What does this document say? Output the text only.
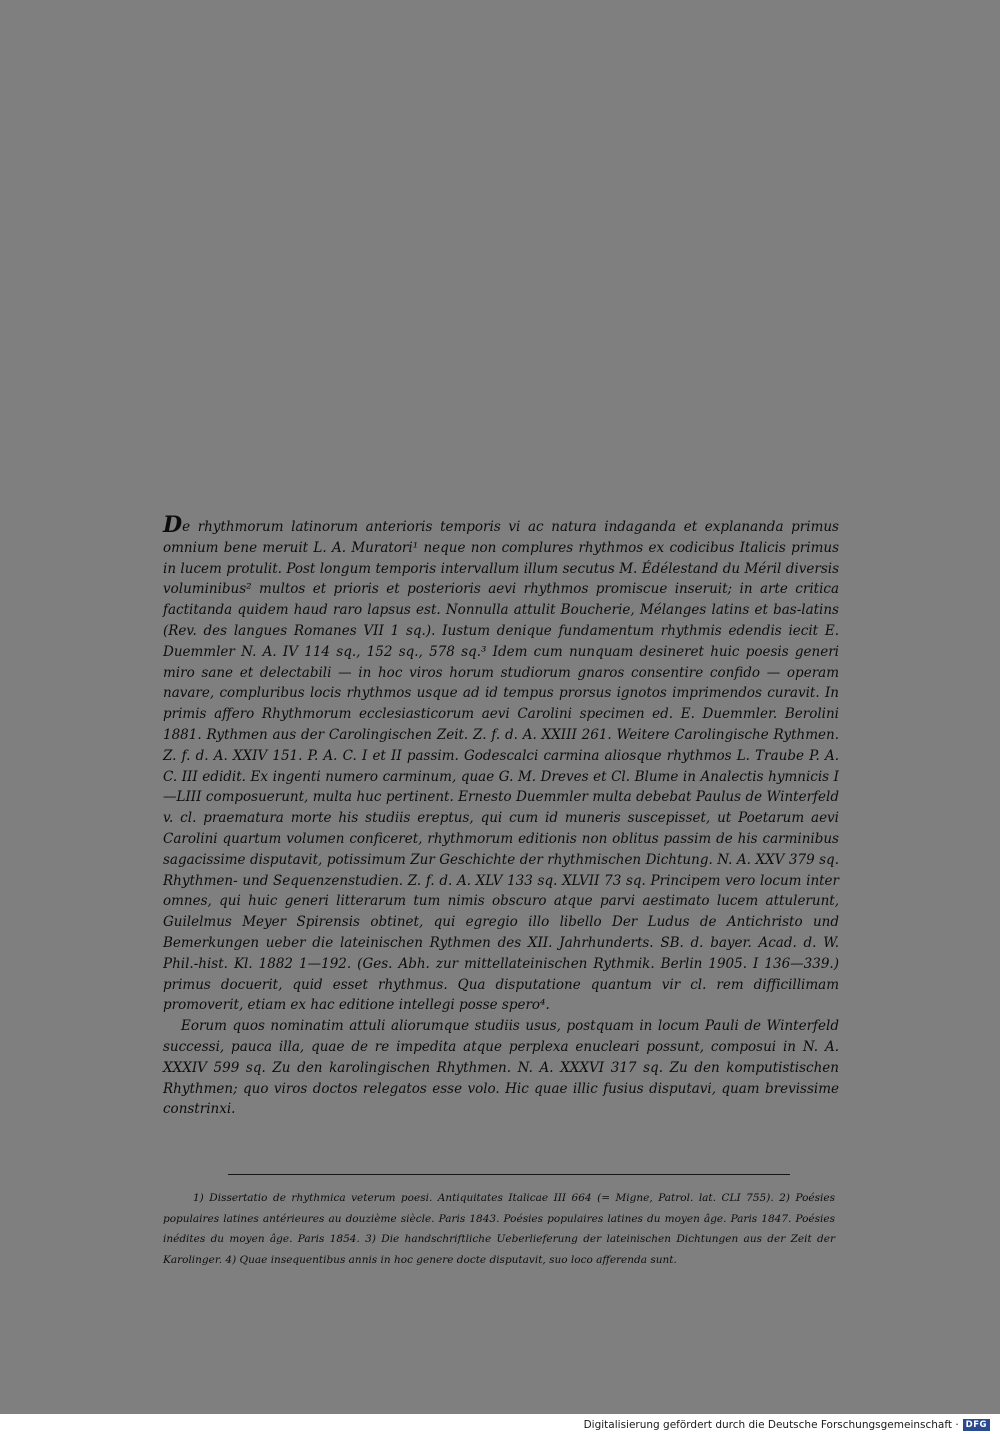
De rhythmorum latinorum anterioris temporis vi ac natura indaganda et explananda primus omnium bene meruit L. A. Muratori¹ neque non complures rhythmos ex codicibus Italicis primus in lucem protulit. Post longum temporis intervallum illum secutus M. Édélestand du Méril diversis voluminibus² multos et prioris et posterioris aevi rhythmos promiscue inseruit; in arte critica factitanda quidem haud raro lapsus est. Nonnulla attulit Boucherie, Mélanges latins et bas-latins (Rev. des langues Romanes VII 1 sq.). Iustum denique fundamentum rhythmis edendis iecit E. Duemmler N. A. IV 114 sq., 152 sq., 578 sq.³ Idem cum nunquam desineret huic poesis generi miro sane et delectabili — in hoc viros horum studiorum gnaros consentire confido — operam navare, compluribus locis rhythmos usque ad id tempus prorsus ignotos imprimendos curavit. In primis affero Rhythmorum ecclesiasticorum aevi Carolini specimen ed. E. Duemmler. Berolini 1881. Rythmen aus der Carolingischen Zeit. Z. f. d. A. XXIII 261. Weitere Carolingische Rythmen. Z. f. d. A. XXIV 151. P. A. C. I et II passim. Godescalci carmina aliosque rhythmos L. Traube P. A. C. III edidit. Ex ingenti numero carminum, quae G. M. Dreves et Cl. Blume in Analectis hymnicis I—LIII composuerunt, multa huc pertinent. Ernesto Duemmler multa debebat Paulus de Winterfeld v. cl. praematura morte his studiis ereptus, qui cum id muneris suscepisset, ut Poetarum aevi Carolini quartum volumen conficeret, rhythmorum editionis non oblitus passim de his carminibus sagacissime disputavit, potissimum Zur Geschichte der rhythmischen Dichtung. N. A. XXV 379 sq. Rhythmen- und Sequenzenstudien. Z. f. d. A. XLV 133 sq. XLVII 73 sq. Principem vero locum inter omnes, qui huic generi litterarum tum nimis obscuro atque parvi aestimato lucem attulerunt, Guilelmus Meyer Spirensis obtinet, qui egregio illo libello Der Ludus de Antichristo und Bemerkungen ueber die lateinischen Rythmen des XII. Jahrhunderts. SB. d. bayer. Acad. d. W. Phil.-hist. Kl. 1882 1—192. (Ges. Abh. zur mittellateinischen Rythmik. Berlin 1905. I 136—339.) primus docuerit, quid esset rhythmus. Qua disputatione quantum vir cl. rem difficillimam promoverit, etiam ex hac editione intellegi posse spero⁴.

Eorum quos nominatim attuli aliorumque studiis usus, postquam in locum Pauli de Winterfeld successi, pauca illa, quae de re impedita atque perplexa enucleari possunt, composui in N. A. XXXIV 599 sq. Zu den karolingischen Rhythmen. N. A. XXXVI 317 sq. Zu den komputistischen Rhythmen; quo viros doctos relegatos esse volo. Hic quae illic fusius disputavi, quam brevissime constrinxi.

1) Dissertatio de rhythmica veterum poesi. Antiquitates Italicae III 664 (= Migne, Patrol. lat. CLI 755). 2) Poésies populaires latines antérieures au douzième siècle. Paris 1843. Poésies populaires latines du moyen âge. Paris 1847. Poésies inédites du moyen âge. Paris 1854. 3) Die handschriftliche Ueberlieferung der lateinischen Dichtungen aus der Zeit der Karolinger. 4) Quae insequentibus annis in hoc genere docte disputavit, suo loco afferenda sunt.

Digitalisierung gefördert durch die Deutsche Forschungsgemeinschaft · DFG
